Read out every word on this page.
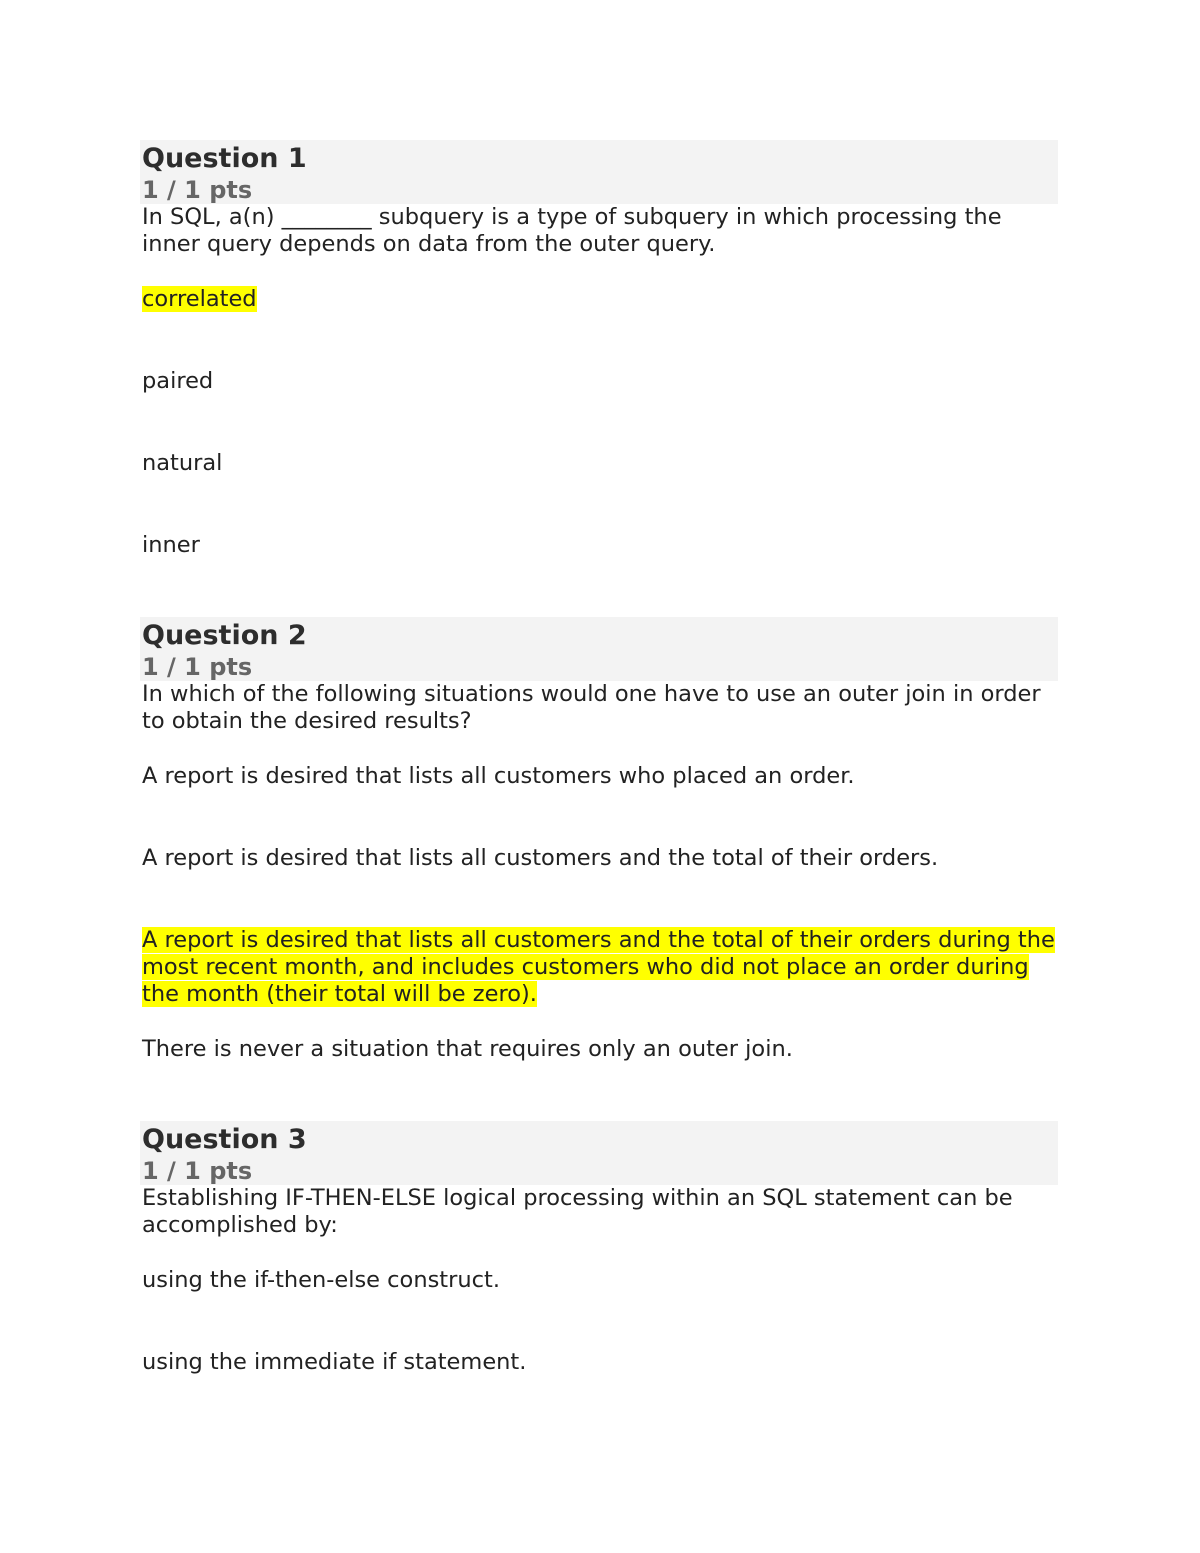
Question 1
1 / 1 pts

In SQL, a(n) ________ subquery is a type of subquery in which processing the inner query depends on data from the outer query.

correlated

paired

natural

inner

Question 2
1 / 1 pts

In which of the following situations would one have to use an outer join in order to obtain the desired results?

A report is desired that lists all customers who placed an order.

A report is desired that lists all customers and the total of their orders.

A report is desired that lists all customers and the total of their orders during the most recent month, and includes customers who did not place an order during the month (their total will be zero).

There is never a situation that requires only an outer join.

Question 3
1 / 1 pts

Establishing IF-THEN-ELSE logical processing within an SQL statement can be accomplished by:

using the if-then-else construct.

using the immediate if statement.
